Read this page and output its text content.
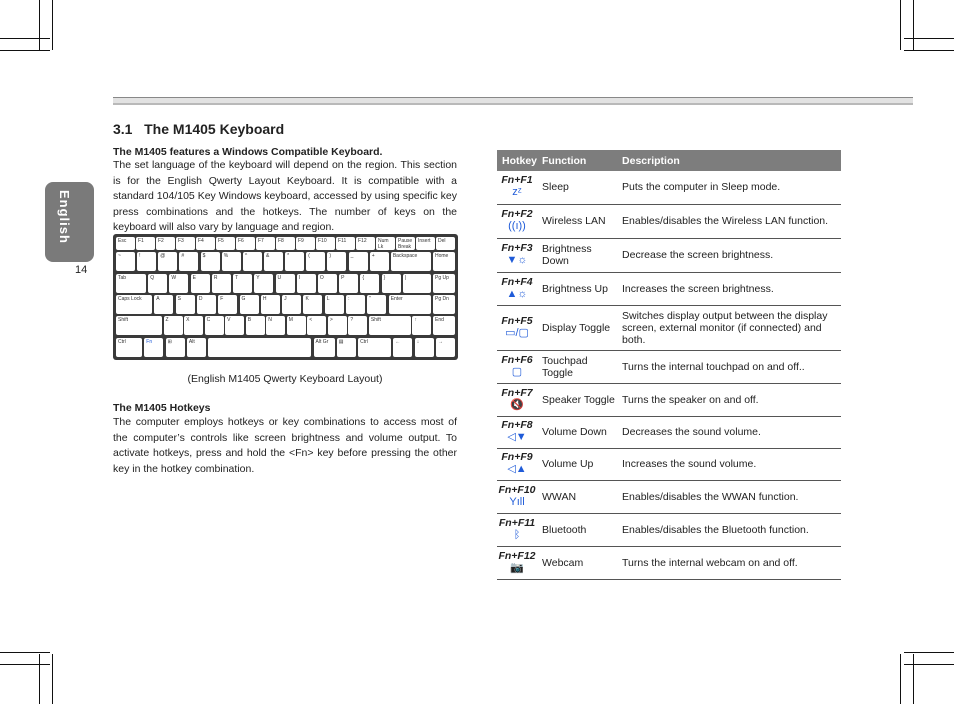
English
14
3.1   The M1405 Keyboard

The M1405 features a Windows Compatible Keyboard.

The set language of the keyboard will depend on the region. This section is for the English Qwerty Layout Keyboard. It is compatible with a standard 104/105 Key Windows keyboard, accessed by using specific key press combinations and the hotkeys. The number of keys on the keyboard will also vary by language and region.

Esc	F1	F2	F3	F4	F5	F6	F7	F8	F9	F10	F11	F12	Num Lk
Pause Break
Insert	Del
~	!	@	#	$	%	^	&	*	(	)	_	+	Backspace	Home
Tab	Q	W	E	R	T	Y	U	I	O	P	{	}	|	Pg Up
Caps Lock	A	S	D	F	G	H	J	K	L	:	"	Enter	Pg Dn
Shift	Z	X	C	V	B	N	M	<	>	?	Shift	↑	End
Ctrl	Fn	⊞	Alt	Alt Gr	▤	Ctrl	←	↓	→
(English M1405 Qwerty Keyboard Layout)

The M1405 Hotkeys

The computer employs hotkeys or key combinations to access most of the computer’s controls like screen brightness and volume output. To activate hotkeys, press and hold the <Fn> key before pressing the other key in the hotkey combination.

Hotkey	Function	Description

Fn+F1
zᶻ	Sleep	Puts the computer in Sleep mode.

Fn+F2
((ı))	Wireless LAN	Enables/disables the Wireless LAN function.

Fn+F3
▼☼	Brightness Down	Decrease the screen brightness.

Fn+F4
▲☼	Brightness Up	Increases the screen brightness.

Fn+F5
▭/▢	Display Toggle	Switches display output between the display screen, external monitor (if connected) and both.

Fn+F6
▢	Touchpad Toggle	Turns the internal touchpad on and off..

Fn+F7
🔇	Speaker Toggle	Turns the speaker on and off.

Fn+F8
◁▼	Volume Down	Decreases the sound volume.

Fn+F9
◁▲	Volume Up	Increases the sound volume.

Fn+F10
Yıll	WWAN	Enables/disables the WWAN function.

Fn+F11
ᛒ	Bluetooth	Enables/disables the Bluetooth function.

Fn+F12
📷	Webcam	Turns the internal webcam on and off.
